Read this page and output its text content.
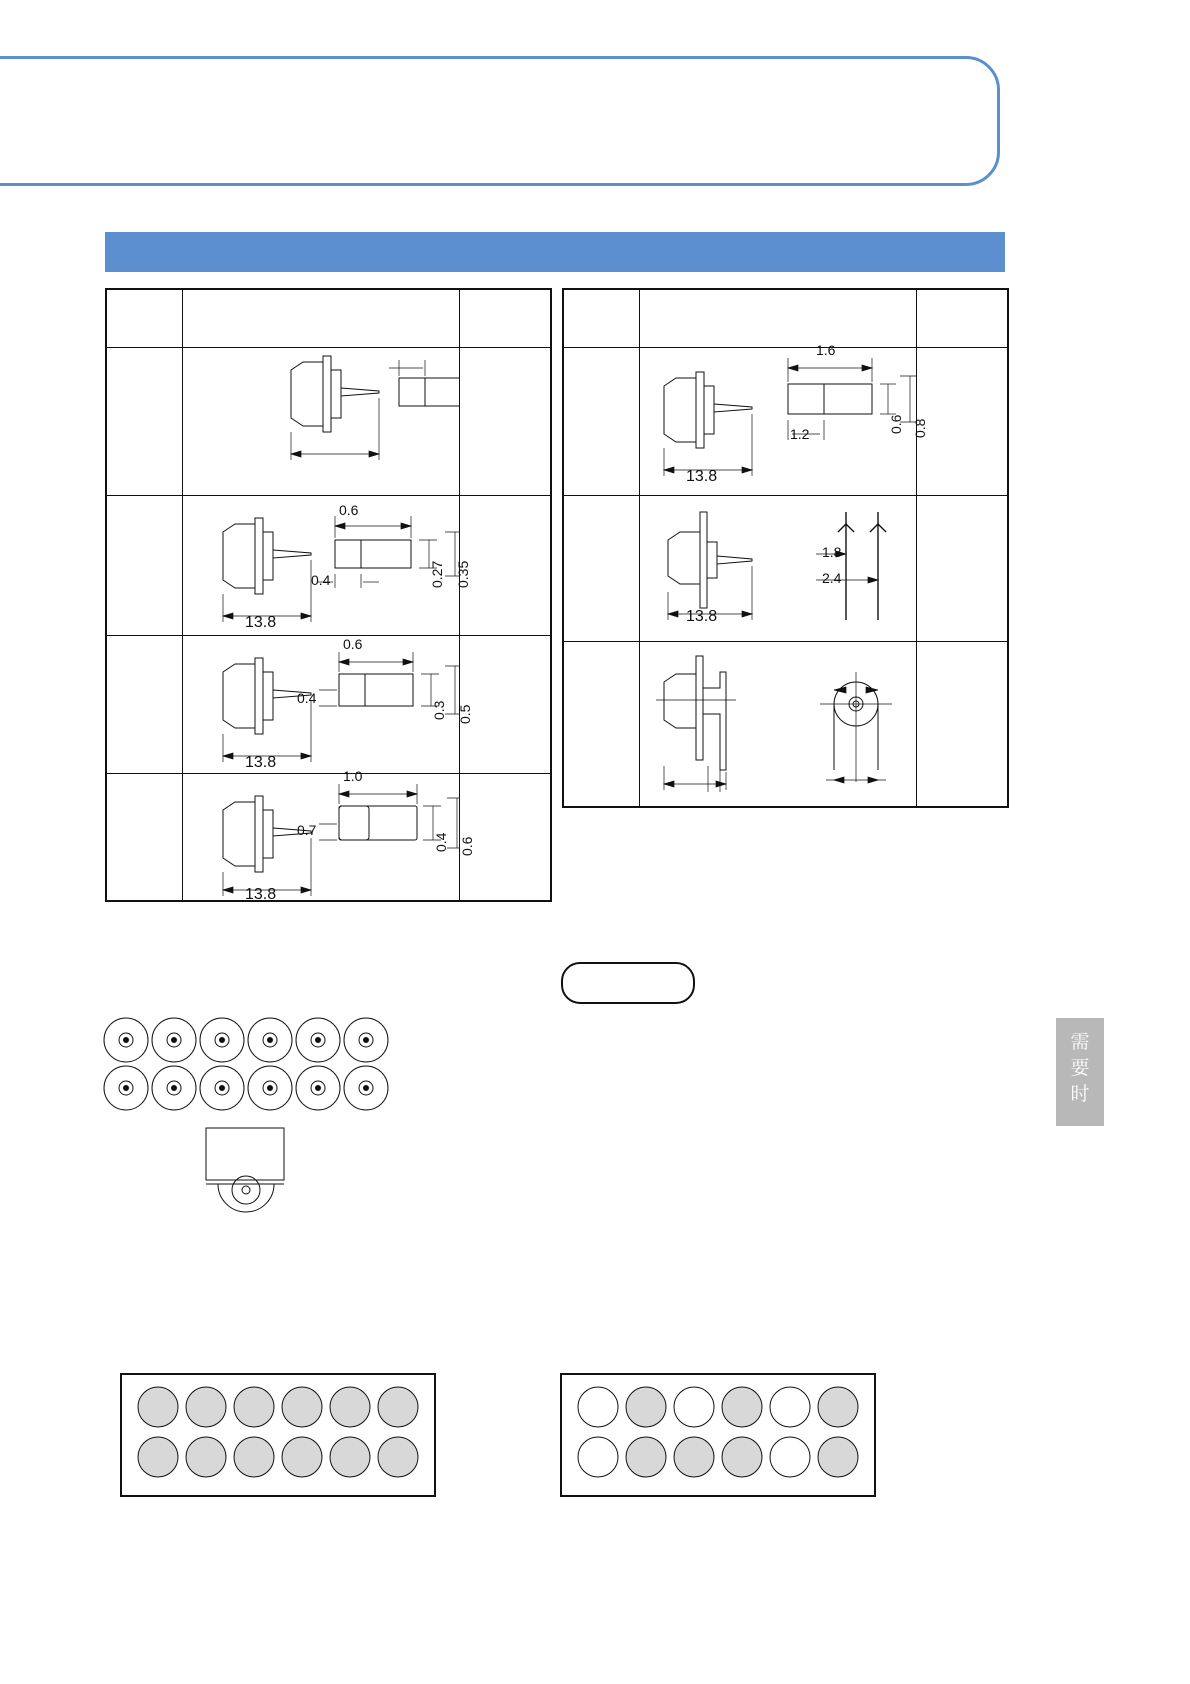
形状(
0.6
0.4	0.27 0.35
13.8
0.6
0.4
0.3 0.5
13.8
1.0
0.7
0.4 0.6
13.8
1.6
1.2	0.6 0.8
13.8
13.8
1.8
2.4
需要时
